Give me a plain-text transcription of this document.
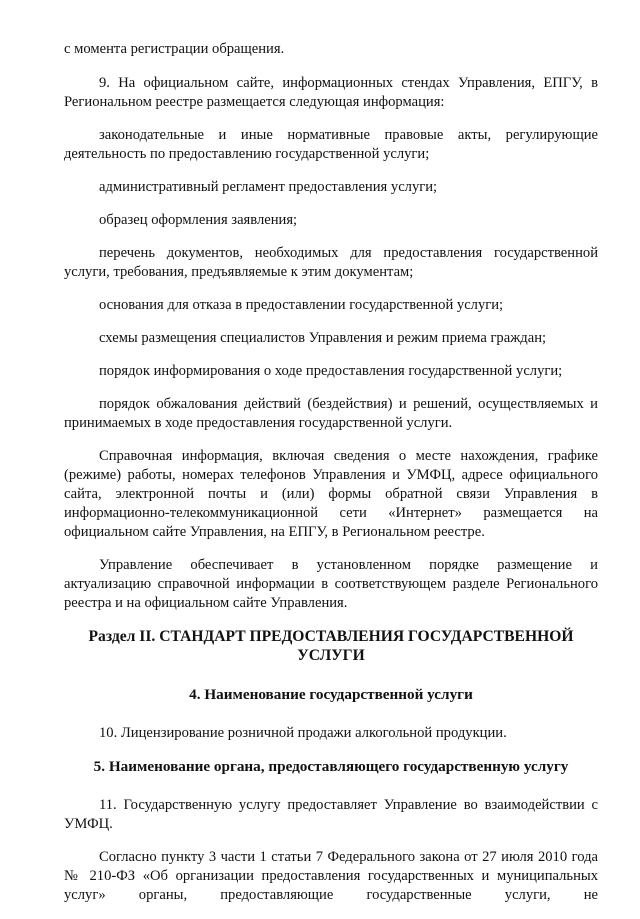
с момента регистрации обращения.

9. На официальном сайте, информационных стендах Управления, ЕПГУ, в Региональном реестре размещается следующая информация:

законодательные и иные нормативные правовые акты, регулирующие деятельность по предоставлению государственной услуги;

административный регламент предоставления услуги;

образец оформления заявления;

перечень документов, необходимых для предоставления государственной услуги, требования, предъявляемые к этим документам;

основания для отказа в предоставлении государственной услуги;

схемы размещения специалистов Управления и режим приема граждан;

порядок информирования о ходе предоставления государственной услуги;

порядок обжалования действий (бездействия) и решений, осуществляемых и принимаемых в ходе предоставления государственной услуги.

Справочная информация, включая сведения о месте нахождения, графике (режиме) работы, номерах телефонов Управления и УМФЦ, адресе официального сайта, электронной почты и (или) формы обратной связи Управления в информационно-телекоммуникационной сети «Интернет» размещается на официальном сайте Управления, на ЕПГУ, в Региональном реестре.

Управление обеспечивает в установленном порядке размещение и актуализацию справочной информации в соответствующем разделе Регионального реестра и на официальном сайте Управления.

Раздел II. СТАНДАРТ ПРЕДОСТАВЛЕНИЯ ГОСУДАРСТВЕННОЙ УСЛУГИ
4. Наименование государственной услуги

10. Лицензирование розничной продажи алкогольной продукции.

5. Наименование органа, предоставляющего государственную услугу

11. Государственную услугу предоставляет Управление во взаимодействии с УМФЦ.

Согласно пункту 3 части 1 статьи 7 Федерального закона от 27 июля 2010 года № 210-ФЗ «Об организации предоставления государственных и муниципальных услуг» органы, предоставляющие государственные услуги, не
